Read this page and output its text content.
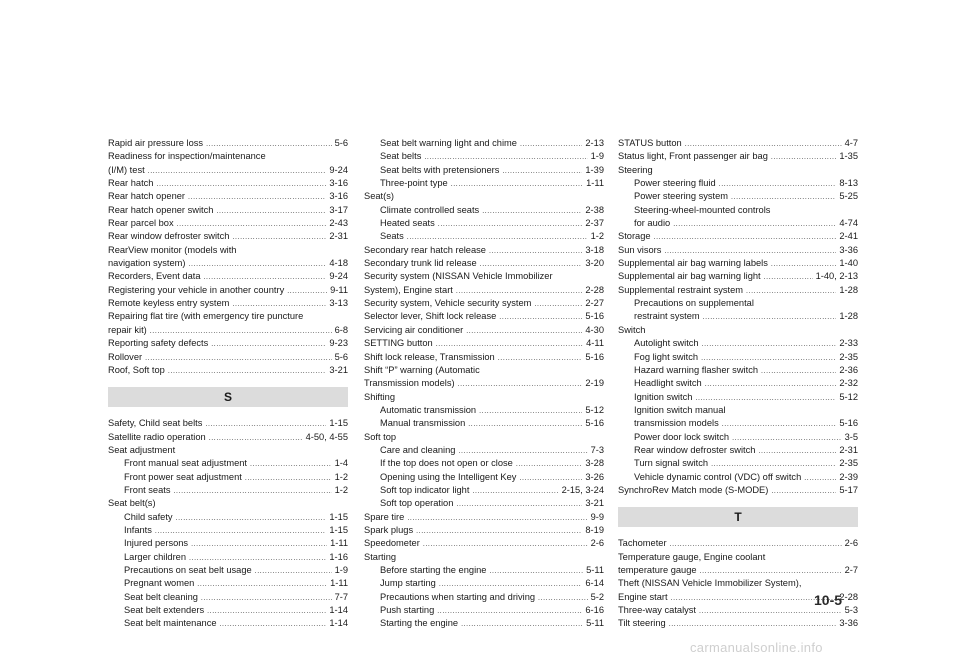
Rapid air pressure loss .....	5-6
Readiness for inspection/maintenance
(I/M) test .....	9-24
Rear hatch .....	3-16
Rear hatch opener .....	3-16
Rear hatch opener switch .....	3-17
Rear parcel box .....	2-43
Rear window defroster switch .....	2-31
RearView monitor (models with
navigation system) .....	4-18
Recorders, Event data .....	9-24
Registering your vehicle in another country .....	9-11
Remote keyless entry system .....	3-13
Repairing flat tire (with emergency tire puncture
repair kit) .....	6-8
Reporting safety defects .....	9-23
Rollover .....	5-6
Roof, Soft top .....	3-21
S
Safety, Child seat belts .....	1-15
Satellite radio operation .....	4-50, 4-55
Seat adjustment
Front manual seat adjustment .....	1-4
Front power seat adjustment .....	1-2
Front seats .....	1-2
Seat belt(s)
Child safety .....	1-15
Infants .....	1-15
Injured persons .....	1-11
Larger children .....	1-16
Precautions on seat belt usage .....	1-9
Pregnant women .....	1-11
Seat belt cleaning .....	7-7
Seat belt extenders .....	1-14
Seat belt maintenance .....	1-14
Seat belt warning light and chime .....	2-13
Seat belts .....	1-9
Seat belts with pretensioners .....	1-39
Three-point type .....	1-11
Seat(s)
Climate controlled seats .....	2-38
Heated seats .....	2-37
Seats .....	1-2
Secondary rear hatch release .....	3-18
Secondary trunk lid release .....	3-20
Security system (NISSAN Vehicle Immobilizer
System), Engine start .....	2-28
Security system, Vehicle security system .....	2-27
Selector lever, Shift lock release .....	5-16
Servicing air conditioner .....	4-30
SETTING button .....	4-11
Shift lock release, Transmission .....	5-16
Shift “P” warning (Automatic
Transmission models) .....	2-19
Shifting
Automatic transmission .....	5-12
Manual transmission .....	5-16
Soft top
Care and cleaning .....	7-3
If the top does not open or close .....	3-28
Opening using the Intelligent Key .....	3-26
Soft top indicator light .....	2-15, 3-24
Soft top operation .....	3-21
Spare tire .....	9-9
Spark plugs .....	8-19
Speedometer .....	2-6
Starting
Before starting the engine .....	5-11
Jump starting .....	6-14
Precautions when starting and driving .....	5-2
Push starting .....	6-16
Starting the engine .....	5-11
STATUS button .....	4-7
Status light, Front passenger air bag .....	1-35
Steering
Power steering fluid .....	8-13
Power steering system .....	5-25
Steering-wheel-mounted controls
for audio .....	4-74
Storage .....	2-41
Sun visors .....	3-36
Supplemental air bag warning labels .....	1-40
Supplemental air bag warning light .....	1-40, 2-13
Supplemental restraint system .....	1-28
Precautions on supplemental
restraint system .....	1-28
Switch
Autolight switch .....	2-33
Fog light switch .....	2-35
Hazard warning flasher switch .....	2-36
Headlight switch .....	2-32
Ignition switch .....	5-12
Ignition switch manual
transmission models .....	5-16
Power door lock switch .....	3-5
Rear window defroster switch .....	2-31
Turn signal switch .....	2-35
Vehicle dynamic control (VDC) off switch .....	2-39
SynchroRev Match mode (S-MODE) .....	5-17
T
Tachometer .....	2-6
Temperature gauge, Engine coolant
temperature gauge .....	2-7
Theft (NISSAN Vehicle Immobilizer System),
Engine start .....	2-28
Three-way catalyst .....	5-3
Tilt steering .....	3-36
10-5
carmanualsonline.info
